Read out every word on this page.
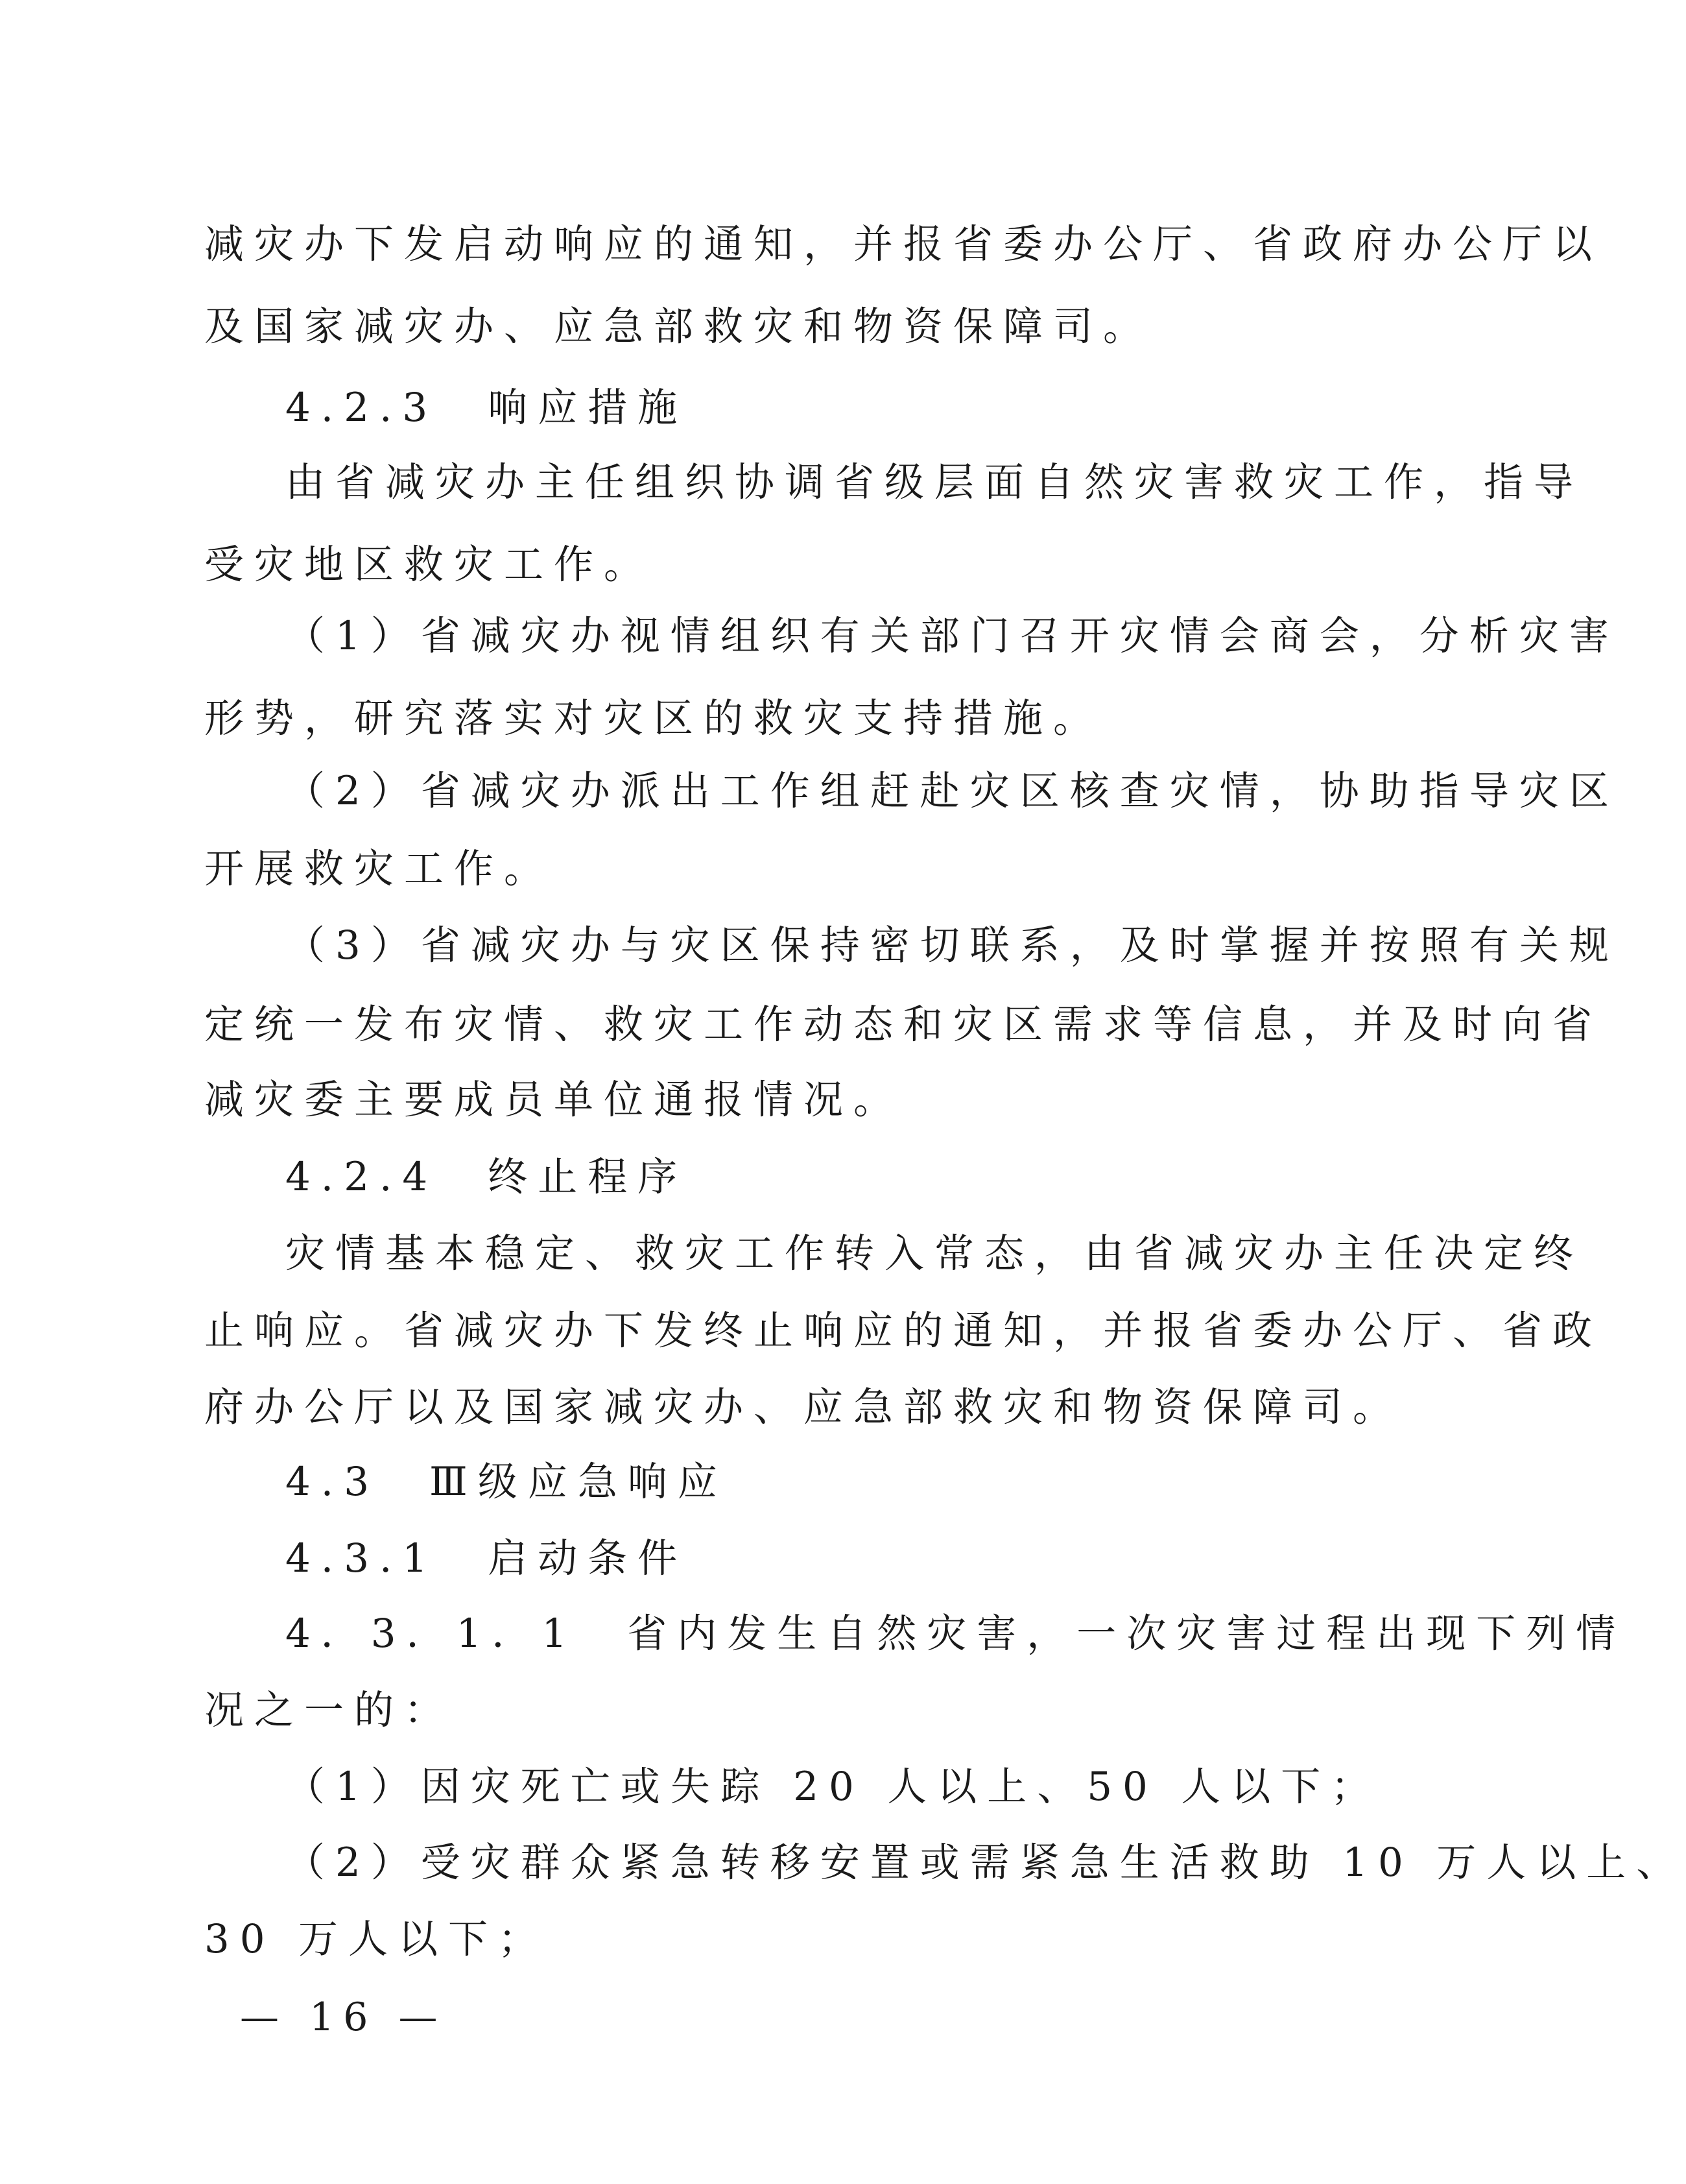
减灾办下发启动响应的通知，并报省委办公厅、省政府办公厅以
及国家减灾办、应急部救灾和物资保障司。
4.2.3　响应措施
由省减灾办主任组织协调省级层面自然灾害救灾工作，指导
受灾地区救灾工作。
（1）省减灾办视情组织有关部门召开灾情会商会，分析灾害
形势，研究落实对灾区的救灾支持措施。
（2）省减灾办派出工作组赶赴灾区核查灾情，协助指导灾区
开展救灾工作。
（3）省减灾办与灾区保持密切联系，及时掌握并按照有关规
定统一发布灾情、救灾工作动态和灾区需求等信息，并及时向省
减灾委主要成员单位通报情况。
4.2.4　终止程序
灾情基本稳定、救灾工作转入常态，由省减灾办主任决定终
止响应。省减灾办下发终止响应的通知，并报省委办公厅、省政
府办公厅以及国家减灾办、应急部救灾和物资保障司。
4.3　Ⅲ级应急响应
4.3.1　启动条件
4．3．1．1　省内发生自然灾害，一次灾害过程出现下列情
况之一的：
（1）因灾死亡或失踪 20 人以上、50 人以下；
（2）受灾群众紧急转移安置或需紧急生活救助 10 万人以上、
30 万人以下；
— 16 —
